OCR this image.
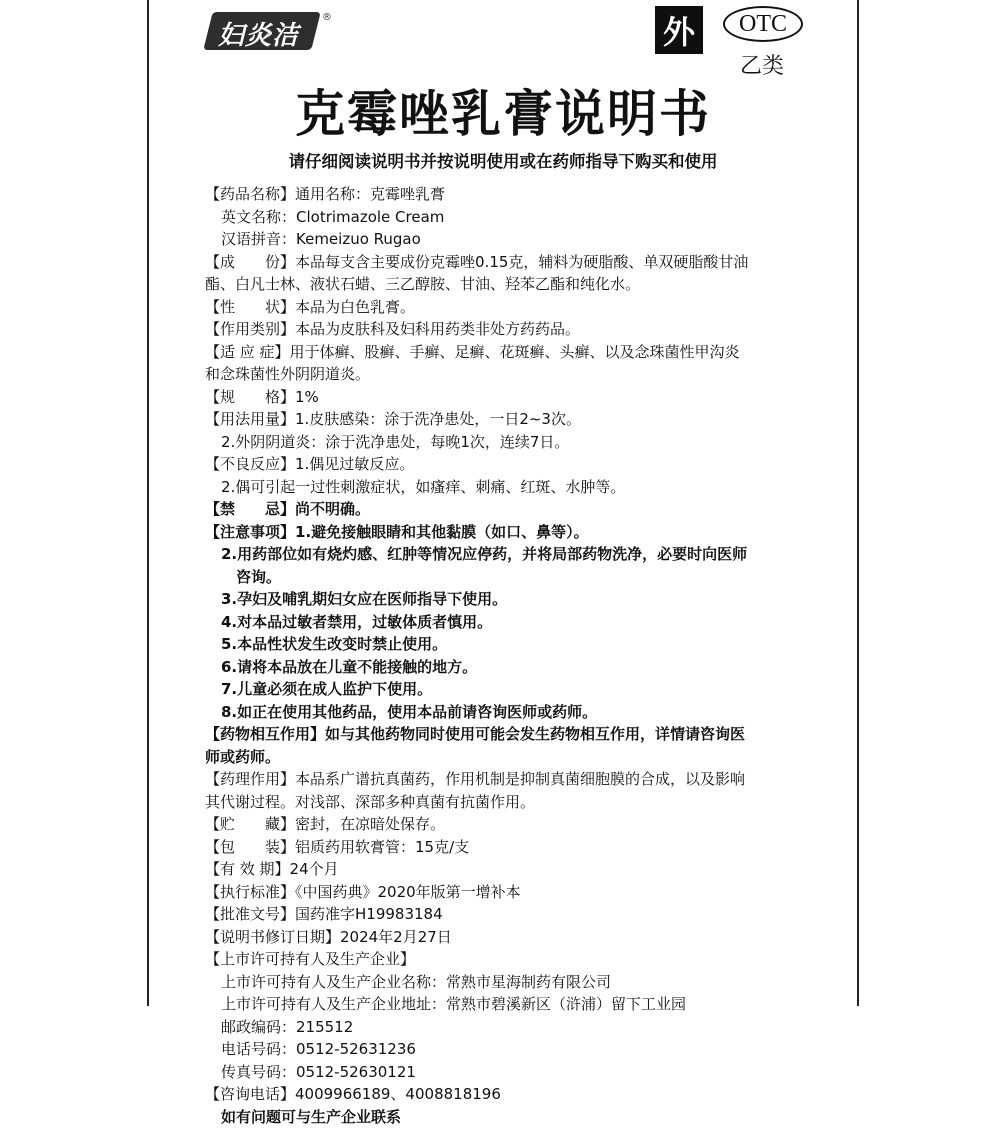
妇炎洁
®	外	OTC
乙类
克霉唑乳膏说明书
请仔细阅读说明书并按说明使用或在药师指导下购买和使用
【药品名称】通用名称：克霉唑乳膏
英文名称：Clotrimazole Cream
汉语拼音：Kemeizuo Rugao
【成　　份】本品每支含主要成份克霉唑0.15克，辅料为硬脂酸、单双硬脂酸甘油
酯、白凡士林、液状石蜡、三乙醇胺、甘油、羟苯乙酯和纯化水。
【性　　状】本品为白色乳膏。
【作用类别】本品为皮肤科及妇科用药类非处方药药品。
【适 应 症】用于体癣、股癣、手癣、足癣、花斑癣、头癣、以及念珠菌性甲沟炎
和念珠菌性外阴阴道炎。
【规　　格】1%
【用法用量】1.皮肤感染：涂于洗净患处，一日2~3次。
2.外阴阴道炎：涂于洗净患处，每晚1次，连续7日。
【不良反应】1.偶见过敏反应。
2.偶可引起一过性刺激症状，如瘙痒、刺痛、红斑、水肿等。
【禁　　忌】尚不明确。
【注意事项】1.避免接触眼睛和其他黏膜（如口、鼻等）。
2.用药部位如有烧灼感、红肿等情况应停药，并将局部药物洗净，必要时向医师
咨询。
3.孕妇及哺乳期妇女应在医师指导下使用。
4.对本品过敏者禁用，过敏体质者慎用。
5.本品性状发生改变时禁止使用。
6.请将本品放在儿童不能接触的地方。
7.儿童必须在成人监护下使用。
8.如正在使用其他药品，使用本品前请咨询医师或药师。
【药物相互作用】如与其他药物同时使用可能会发生药物相互作用，详情请咨询医
师或药师。
【药理作用】本品系广谱抗真菌药，作用机制是抑制真菌细胞膜的合成，以及影响
其代谢过程。对浅部、深部多种真菌有抗菌作用。
【贮　　藏】密封，在凉暗处保存。
【包　　装】铝质药用软膏管：15克/支
【有 效 期】24个月
【执行标准】《中国药典》2020年版第一增补本
【批准文号】国药准字H19983184
【说明书修订日期】2024年2月27日
【上市许可持有人及生产企业】
上市许可持有人及生产企业名称：常熟市星海制药有限公司
上市许可持有人及生产企业地址：常熟市碧溪新区（浒浦）留下工业园
邮政编码：215512
电话号码：0512-52631236
传真号码：0512-52630121
【咨询电话】4009966189、4008818196
如有问题可与生产企业联系
